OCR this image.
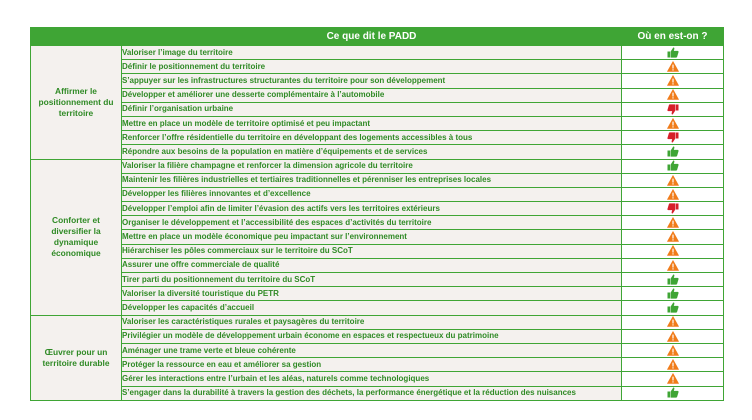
	Ce que dit le PADD	Où en est-on ?
Affirmer le positionnement du territoire	Valoriser l’image du territoire	

	Définir le positionnement du territoire	

	S’appuyer sur les infrastructures structurantes du territoire pour son développement	

	Développer et améliorer une desserte complémentaire à l’automobile	

	Définir l’organisation urbaine	

	Mettre en place un modèle de territoire optimisé et peu impactant	

	Renforcer l’offre résidentielle du territoire en développant des logements accessibles à tous	

	Répondre aux besoins de la population en matière d’équipements et de services	

Conforter et diversifier la dynamique économique	Valoriser la filière champagne et renforcer la dimension agricole du territoire	

	Maintenir les filières industrielles et tertiaires traditionnelles et pérenniser les entreprises locales	

	Développer les filières innovantes et d’excellence	

	Développer l’emploi afin de limiter l’évasion des actifs vers les territoires extérieurs	

	Organiser le développement et l’accessibilité des espaces d’activités du territoire	

	Mettre en place un modèle économique peu impactant sur l’environnement	

	Hiérarchiser les pôles commerciaux sur le territoire du SCoT	

	Assurer une offre commerciale de qualité	

	Tirer parti du positionnement du territoire du SCoT	

	Valoriser la diversité touristique du PETR	

	Développer les capacités d’accueil	

Œuvrer pour un territoire durable	Valoriser les caractéristiques rurales et paysagères du territoire	

	Privilégier un modèle de développement urbain économe en espaces et respectueux du patrimoine	

	Aménager une trame verte et bleue cohérente	

	Protéger la ressource en eau et améliorer sa gestion	

	Gérer les interactions entre l’urbain et les aléas, naturels comme technologiques	

	S’engager dans la durabilité à travers la gestion des déchets, la performance énergétique et la réduction des nuisances	
